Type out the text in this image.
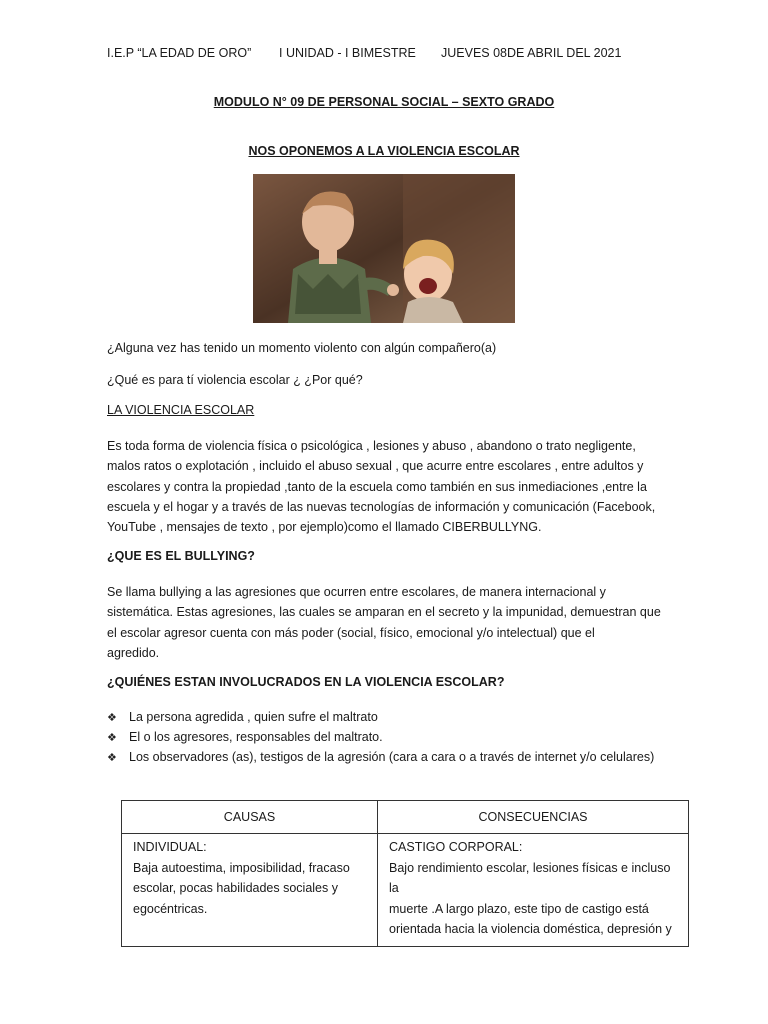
I.E.P “LA EDAD DE ORO”	I UNIDAD - I BIMESTRE	JUEVES 08DE ABRIL DEL 2021
MODULO N° 09 DE PERSONAL SOCIAL – SEXTO GRADO
NOS OPONEMOS A LA VIOLENCIA ESCOLAR
¿Alguna vez has tenido un momento violento con algún compañero(a)
¿Qué es para tí violencia escolar ¿ ¿Por qué?
LA VIOLENCIA ESCOLAR
Es toda forma de violencia física o psicológica , lesiones y abuso , abandono o trato negligente,
malos ratos o explotación , incluido el abuso sexual , que acurre entre escolares , entre adultos y
escolares y contra la propiedad ,tanto de la escuela como también en sus inmediaciones ,entre la
escuela y el hogar y a través de las nuevas tecnologías de información y comunicación (Facebook,
YouTube , mensajes de texto , por ejemplo)como el llamado CIBERBULLYNG.
¿QUE ES EL BULLYING?
Se llama bullying a las agresiones que ocurren entre escolares, de manera internacional y
sistemática. Estas agresiones, las cuales se amparan en el secreto y la impunidad, demuestran que
el escolar agresor cuenta con más poder (social, físico, emocional y/o intelectual) que el
agredido.
¿QUIÉNES ESTAN INVOLUCRADOS EN LA VIOLENCIA ESCOLAR?
❖ La persona agredida , quien sufre el maltrato
❖ El o los agresores, responsables del maltrato.
❖ Los observadores (as), testigos de la agresión (cara a cara o a través de internet y/o celulares)
CAUSAS	CONSECUENCIAS

INDIVIDUAL:
Baja autoestima, imposibilidad, fracaso
escolar, pocas habilidades sociales y
egocéntricas.	CASTIGO CORPORAL:
Bajo rendimiento escolar, lesiones físicas e incluso la
muerte .A largo plazo, este tipo de castigo está
orientada hacia la violencia doméstica, depresión y
